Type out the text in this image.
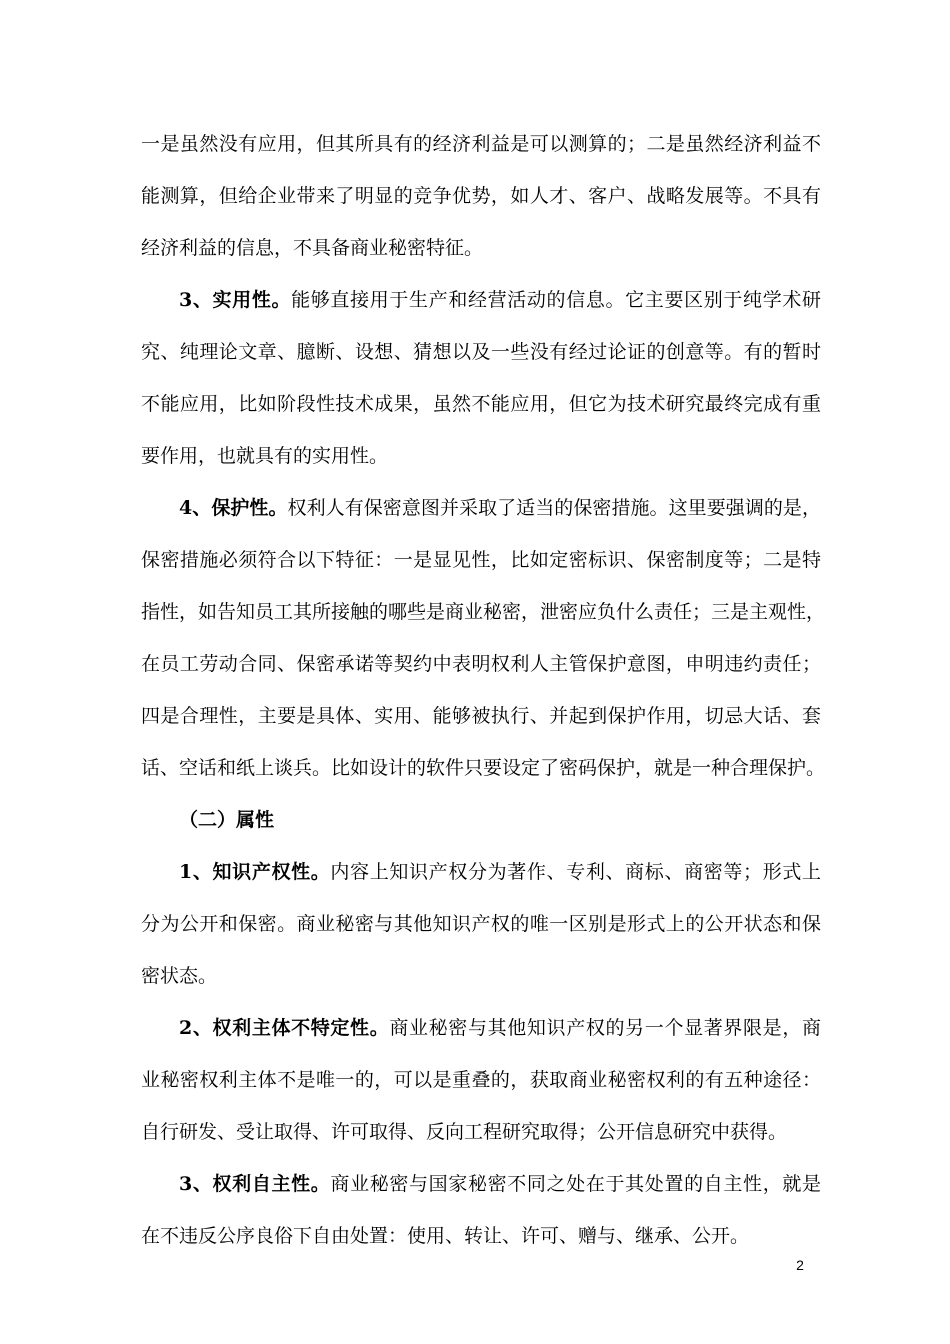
一是虽然没有应用，但其所具有的经济利益是可以测算的；二是虽然经济利益不
能测算，但给企业带来了明显的竞争优势，如人才、客户、战略发展等。不具有
经济利益的信息，不具备商业秘密特征。
3、实用性。能够直接用于生产和经营活动的信息。它主要区别于纯学术研
究、纯理论文章、臆断、设想、猜想以及一些没有经过论证的创意等。有的暂时
不能应用，比如阶段性技术成果，虽然不能应用，但它为技术研究最终完成有重
要作用，也就具有的实用性。
4、保护性。权利人有保密意图并采取了适当的保密措施。这里要强调的是，
保密措施必须符合以下特征：一是显见性，比如定密标识、保密制度等；二是特
指性，如告知员工其所接触的哪些是商业秘密，泄密应负什么责任；三是主观性，
在员工劳动合同、保密承诺等契约中表明权利人主管保护意图，申明违约责任；
四是合理性，主要是具体、实用、能够被执行、并起到保护作用，切忌大话、套
话、空话和纸上谈兵。比如设计的软件只要设定了密码保护，就是一种合理保护。
（二）属性
1、知识产权性。内容上知识产权分为著作、专利、商标、商密等；形式上
分为公开和保密。商业秘密与其他知识产权的唯一区别是形式上的公开状态和保
密状态。
2、权利主体不特定性。商业秘密与其他知识产权的另一个显著界限是，商
业秘密权利主体不是唯一的，可以是重叠的，获取商业秘密权利的有五种途径：
自行研发、受让取得、许可取得、反向工程研究取得；公开信息研究中获得。
3、权利自主性。商业秘密与国家秘密不同之处在于其处置的自主性，就是
在不违反公序良俗下自由处置：使用、转让、许可、赠与、继承、公开。
2
